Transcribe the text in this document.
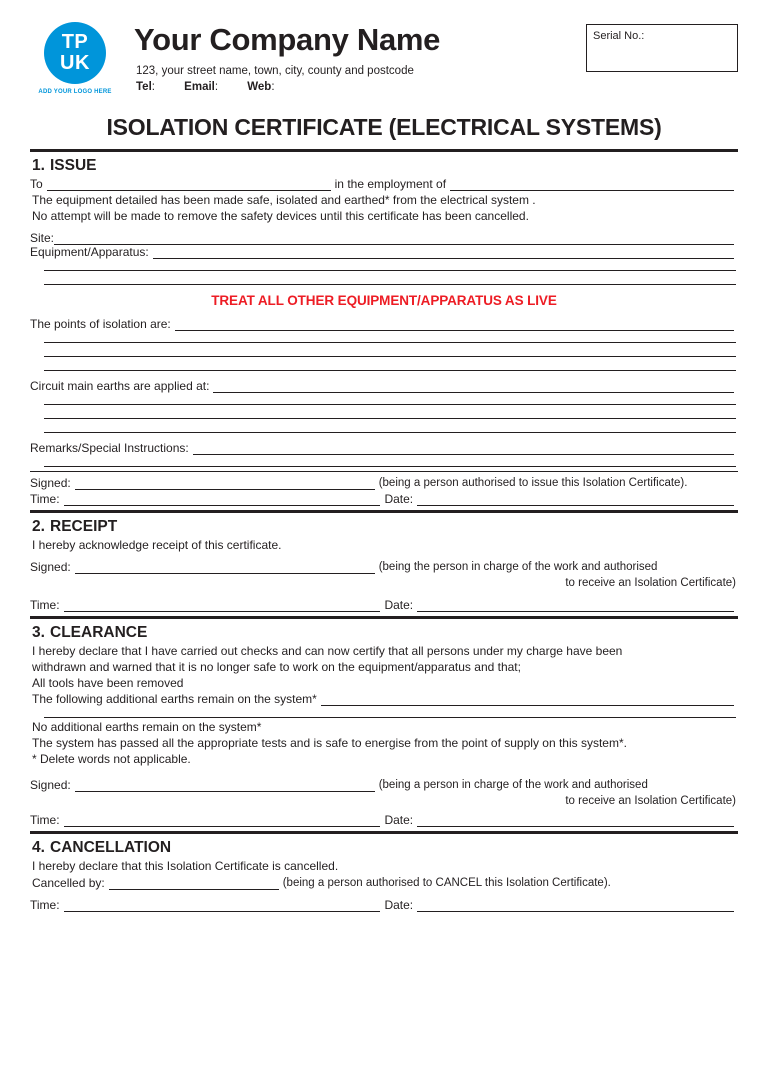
TP
UK
ADD YOUR LOGO HERE
Your Company Name
123, your street name, town, city, county and postcode
Tel:	Email:	Web:
Serial No.:
ISOLATION CERTIFICATE (ELECTRICAL SYSTEMS)
1. ISSUE
To	in the employment of
The equipment detailed has been made safe, isolated and earthed* from the electrical system .
No attempt will be made to remove the safety devices until this certificate has been cancelled.
Site:
Equipment/Apparatus:
TREAT ALL OTHER EQUIPMENT/APPARATUS AS LIVE
The points of isolation are:
Circuit main earths are applied at:
Remarks/Special Instructions:
Signed:	(being a person authorised to issue this Isolation Certificate).
Time:	Date:
2. RECEIPT
I hereby acknowledge receipt of this certificate.
Signed:	(being the person in charge of the work and authorised
to receive an Isolation Certificate)
Time:	Date:
3. CLEARANCE
I hereby declare that I have carried out checks and can now certify that all persons under my charge have been
withdrawn and warned that it is no longer safe to work on the equipment/apparatus and that;
All tools have been removed
The following additional earths remain on the system*
No additional earths remain on the system*
The system has passed all the appropriate tests and is safe to energise from the point of supply on this system*.
* Delete words not applicable.
Signed:	(being a person in charge of the work and authorised
to receive an Isolation Certificate)
Time:	Date:
4. CANCELLATION
I hereby declare that this Isolation Certificate is cancelled.
Cancelled by:	(being a person authorised to CANCEL this Isolation Certificate).
Time:	Date:
